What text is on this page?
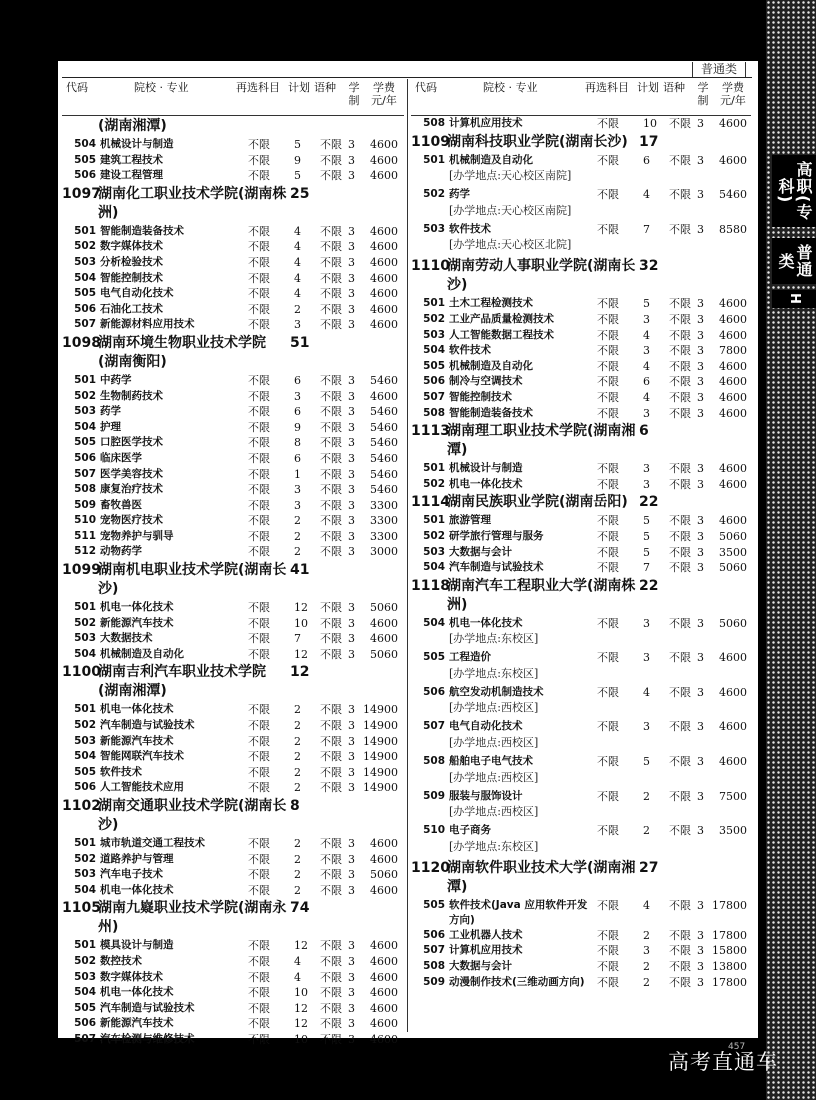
高职(专科)
普通类
H
普通类
代码	院校 · 专业	再选科目 计划 语种 学制
学费 元/年
(湖南湘潭)
504 机械设计与制造	不限 5 不限 3	4600
505 建筑工程技术	不限 9 不限 3	4600
506 建设工程管理	不限 5 不限 3	4600
1097
湖南化工职业技术学院(湖南株洲)
25
501 智能制造装备技术	不限 4 不限 3	4600
502 数字媒体技术	不限 4 不限 3	4600
503 分析检验技术	不限 4 不限 3	4600
504 智能控制技术	不限 4 不限 3	4600
505 电气自动化技术	不限 4 不限 3	4600
506 石油化工技术	不限 2 不限 3	4600
507 新能源材料应用技术	不限 3 不限 3	4600
1098
湖南环境生物职业技术学院 (湖南衡阳)
51
501 中药学	不限 6 不限 3	5460
502 生物制药技术	不限 3 不限 3	4600
503 药学	不限 6 不限 3	5460
504 护理	不限 9 不限 3	5460
505 口腔医学技术	不限 8 不限 3	5460
506 临床医学	不限 6 不限 3	5460
507 医学美容技术	不限 1 不限 3	5460
508 康复治疗技术	不限 3 不限 3	5460
509 畜牧兽医	不限 3 不限 3	3300
510 宠物医疗技术	不限 2 不限 3	3300
511 宠物养护与驯导	不限 2 不限 3	3300
512 动物药学	不限 2 不限 3	3000
1099
湖南机电职业技术学院(湖南长沙)
41
501 机电一体化技术	不限 12 不限 3	5060
502 新能源汽车技术	不限 10 不限 3	4600
503 大数据技术	不限 7 不限 3	4600
504 机械制造及自动化	不限 12 不限 3	5060
1100
湖南吉利汽车职业技术学院 (湖南湘潭)
12
501 机电一体化技术	不限 2 不限 3 14900
502 汽车制造与试验技术	不限 2 不限 3 14900
503 新能源汽车技术	不限 2 不限 3 14900
504 智能网联汽车技术	不限 2 不限 3 14900
505 软件技术	不限 2 不限 3 14900
506 人工智能技术应用	不限 2 不限 3 14900
1102
湖南交通职业技术学院(湖南长沙)
8
501 城市轨道交通工程技术	不限 2 不限 3	4600
502 道路养护与管理	不限 2 不限 3	4600
503 汽车电子技术	不限 2 不限 3	5060
504 机电一体化技术	不限 2 不限 3	4600
1105
湖南九嶷职业技术学院(湖南永州)
74
501 模具设计与制造	不限 12 不限 3	4600
502 数控技术	不限 4 不限 3	4600
503 数字媒体技术	不限 4 不限 3	4600
504 机电一体化技术	不限 10 不限 3	4600
505 汽车制造与试验技术	不限 12 不限 3	4600
506 新能源汽车技术	不限 12 不限 3	4600
507 汽车检测与维修技术	不限 10 不限 3	4600
代码	院校 · 专业	再选科目 计划 语种 学制
学费 元/年
508 计算机应用技术	不限 10 不限 3	4600
1109
湖南科技职业学院(湖南长沙) 17
501 机械制造及自动化	不限 6 不限 3	4600
[办学地点:天心校区南院]
502 药学	不限 4 不限 3	5460
[办学地点:天心校区南院]
503 软件技术	不限 7 不限 3	8580
[办学地点:天心校区北院]
1110
湖南劳动人事职业学院(湖南长沙)
32
501 土木工程检测技术	不限 5 不限 3	4600
502 工业产品质量检测技术	不限 3 不限 3	4600
503 人工智能数据工程技术	不限 4 不限 3	4600
504 软件技术	不限 3 不限 3	7800
505 机械制造及自动化	不限 4 不限 3	4600
506 制冷与空调技术	不限 6 不限 3	4600
507 智能控制技术	不限 4 不限 3	4600
508 智能制造装备技术	不限 3 不限 3	4600
1113
湖南理工职业技术学院(湖南湘潭)
6
501 机械设计与制造	不限 3 不限 3	4600
502 机电一体化技术	不限 3 不限 3	4600
1114
湖南民族职业学院(湖南岳阳) 22
501 旅游管理	不限 5 不限 3	4600
502 研学旅行管理与服务	不限 5 不限 3	5060
503 大数据与会计	不限 5 不限 3	3500
504 汽车制造与试验技术	不限 7 不限 3	5060
1118
湖南汽车工程职业大学(湖南株洲)
22
504 机电一体化技术	不限 3 不限 3	5060
[办学地点:东校区]
505 工程造价	不限 3 不限 3	4600
[办学地点:东校区]
506 航空发动机制造技术	不限 4 不限 3	4600
[办学地点:西校区]
507 电气自动化技术	不限 3 不限 3	4600
[办学地点:西校区]
508 船舶电子电气技术	不限 5 不限 3	4600
[办学地点:西校区]
509 服装与服饰设计	不限 2 不限 3	7500
[办学地点:西校区]
510 电子商务	不限 2 不限 3	3500
[办学地点:东校区]
1120
湖南软件职业技术大学(湖南湘潭)
27
505 软件技术(Java 应用软件开发方向)
不限 4 不限 3 17800
506 工业机器人技术	不限 2 不限 3 17800
507 计算机应用技术	不限 3 不限 3 15800
508 大数据与会计	不限 2 不限 3 13800
509 动漫制作技术(三维动画方向)	不限 2 不限 3 17800
457
高考直通车
